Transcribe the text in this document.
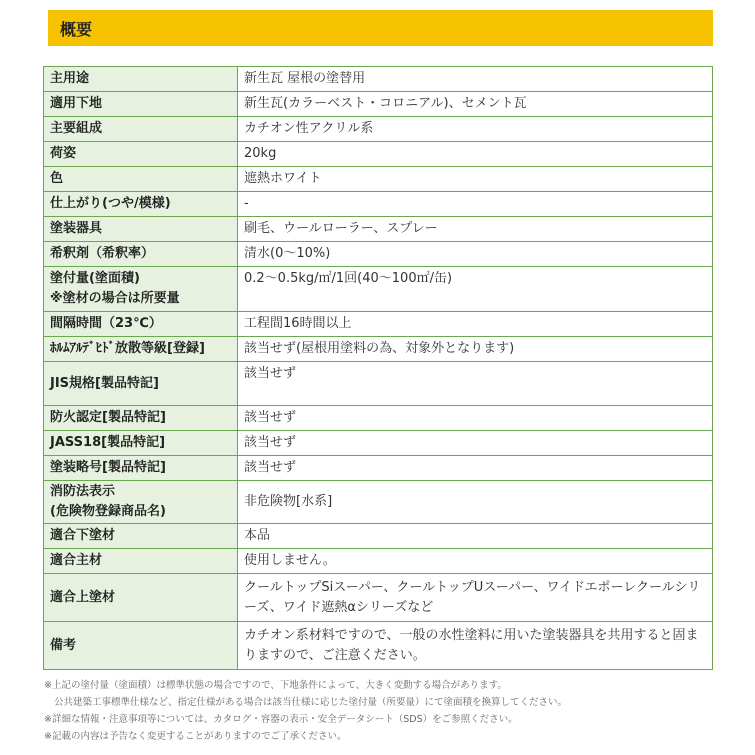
概要
主用途	新生瓦 屋根の塗替用
適用下地	新生瓦(カラーベスト・コロニアル)、セメント瓦
主要組成	カチオン性アクリル系
荷姿	20kg
色	遮熱ホワイト
仕上がり(つや/模様)	-
塗装器具	刷毛、ウールローラー、スプレー
希釈剤（希釈率）	清水(0～10%)

塗付量(塗面積)
※塗材の場合は所要量	0.2～0.5kg/㎡/1回(40～100㎡/缶)
間隔時間（23℃）	工程間16時間以上
ﾎﾙﾑｱﾙﾃﾞﾋﾄﾞ放散等級[登録]	該当せず(屋根用塗料の為、対象外となります)
JIS規格[製品特記]	該当せず
防火認定[製品特記]	該当せず
JASS18[製品特記]	該当せず
塗装略号[製品特記]	該当せず

消防法表示
(危険物登録商品名)	非危険物[水系]
適合下塗材	本品
適合主材	使用しません。
適合上塗材	クールトップSiスーパー、クールトップUスーパー、ワイドエポーレクールシリーズ、ワイド遮熱αシリーズなど
備考	カチオン系材料ですので、一般の水性塗料に用いた塗装器具を共用すると固まりますので、ご注意ください。
※上記の塗付量（塗面積）は標準状態の場合ですので、下地条件によって、大きく変動する場合があります。
公共建築工事標準仕様など、指定仕様がある場合は該当仕様に応じた塗付量（所要量）にて塗面積を換算してください。
※詳細な情報・注意事項等については、カタログ・容器の表示・安全データシート（SDS）をご参照ください。
※記載の内容は予告なく変更することがありますのでご了承ください。
